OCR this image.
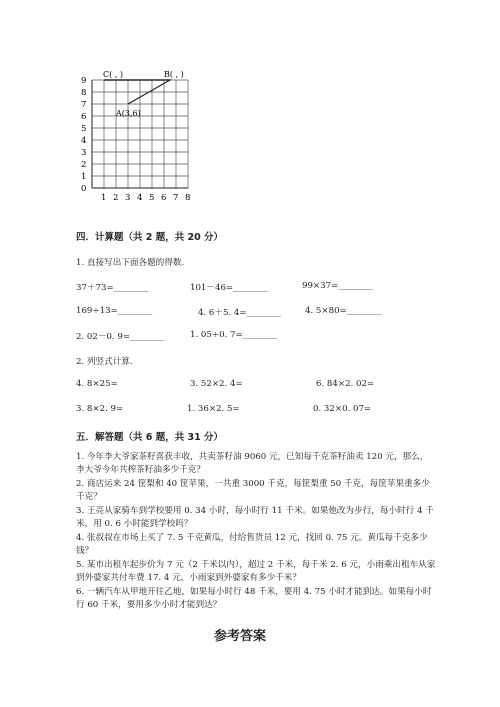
9
8
7
6
5
4
3
2
1
0
1 2 3 4 5 6 7 8
C( , )	B( , )
A(3,6)
四．计算题（共 2 题，共 20 分）
1. 直接写出下面各题的得数.
37＋73=________	101－46=________	99×37=________
169÷13=________	4. 6＋5. 4=________	4. 5×80=________
2. 02－0. 9=________	1. 05÷0. 7=________
2. 列竖式计算.
4. 8×25=	3. 52×2. 4=	6. 84×2. 02=
3. 8×2. 9=	1. 36×2. 5=	0. 32×0. 07=
五．解答题（共 6 题，共 31 分）
1. 今年李大爷家茶籽喜获丰收，共卖茶籽油 9060 元，已知每千克茶籽油卖 120 元，那么，李大爷今年共榨茶籽油多少千克？
2. 商店运来 24 筐梨和 40 筐苹果，一共重 3000 千克，每筐梨重 50 千克，每筐苹果重多少千克？
3. 王亮从家骑车到学校要用 0. 34 小时，每小时行 11 千米。如果他改为步行，每小时行 4 千米，用 0. 6 小时能到学校吗？
4. 张叔叔在市场上买了 7. 5 千克黄瓜，付给售货员 12 元，找回 0. 75 元。黄瓜每千克多少钱？
5. 某市出租车起步价为 7 元（2 千米以内），超过 2 千米，每千米 2. 6 元，小雨乘出租车从家到外婆家共付车费 17. 4 元，小雨家到外婆家有多少千米？
6. 一辆汽车从甲地开往乙地，如果每小时行 48 千米，要用 4. 75 小时才能到达。如果每小时行 60 千米，要用多少小时才能到达？
参考答案
